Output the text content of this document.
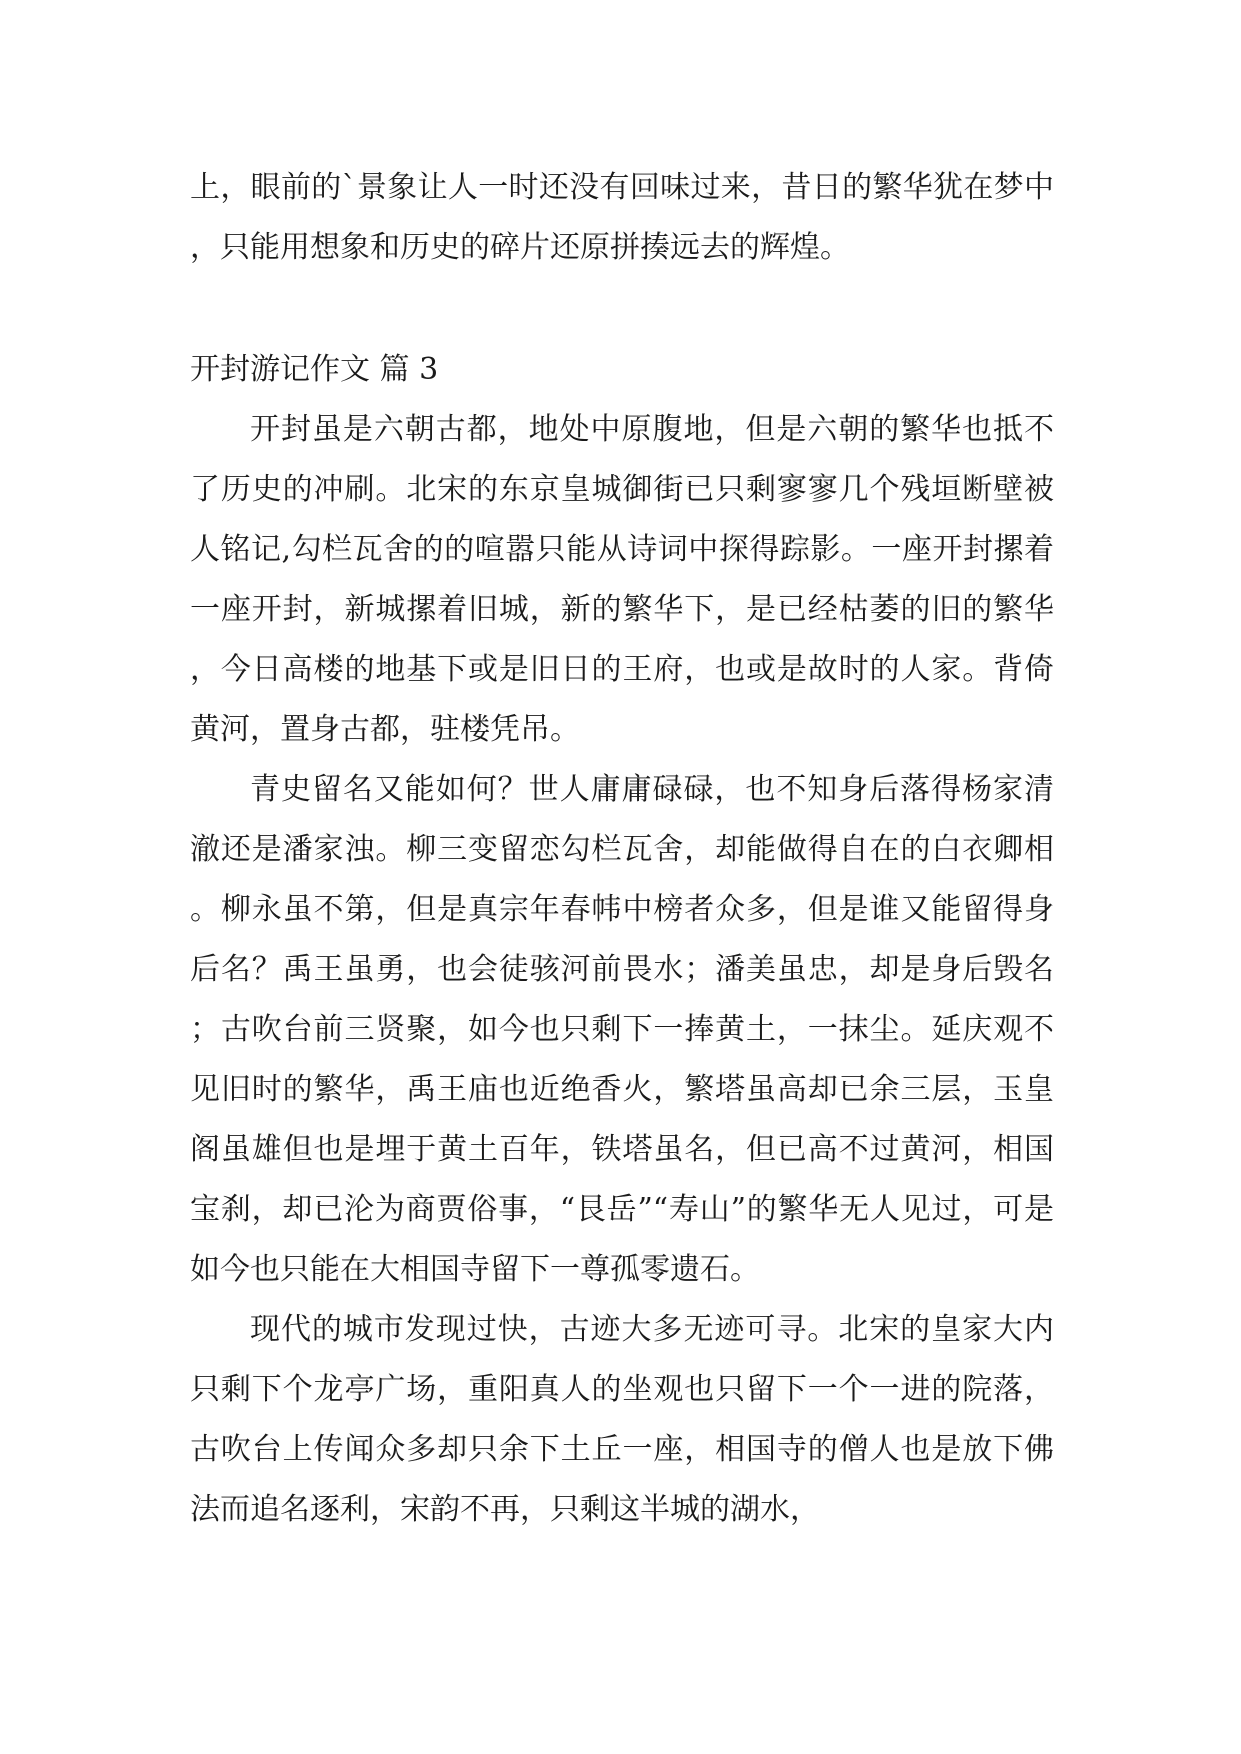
上，眼前的`景象让人一时还没有回味过来，昔日的繁华犹在梦中，只能用想象和历史的碎片还原拼揍远去的辉煌。

开封游记作文 篇 3

开封虽是六朝古都，地处中原腹地，但是六朝的繁华也抵不了历史的冲刷。北宋的东京皇城御街已只剩寥寥几个残垣断壁被人铭记,勾栏瓦舍的的喧嚣只能从诗词中探得踪影。一座开封摞着一座开封，新城摞着旧城，新的繁华下，是已经枯萎的旧的繁华，今日高楼的地基下或是旧日的王府，也或是故时的人家。背倚黄河，置身古都，驻楼凭吊。

青史留名又能如何？世人庸庸碌碌，也不知身后落得杨家清澈还是潘家浊。柳三变留恋勾栏瓦舍，却能做得自在的白衣卿相。柳永虽不第，但是真宗年春帏中榜者众多，但是谁又能留得身后名？禹王虽勇，也会徒骇河前畏水；潘美虽忠，却是身后毁名；古吹台前三贤聚，如今也只剩下一捧黄土，一抹尘。延庆观不见旧时的繁华，禹王庙也近绝香火，繁塔虽高却已余三层，玉皇阁虽雄但也是埋于黄土百年，铁塔虽名，但已高不过黄河，相国宝刹，却已沦为商贾俗事，“艮岳”“寿山”的繁华无人见过，可是如今也只能在大相国寺留下一尊孤零遗石。

现代的城市发现过快，古迹大多无迹可寻。北宋的皇家大内只剩下个龙亭广场，重阳真人的坐观也只留下一个一进的院落，古吹台上传闻众多却只余下土丘一座，相国寺的僧人也是放下佛法而追名逐利，宋韵不再，只剩这半城的湖水，
